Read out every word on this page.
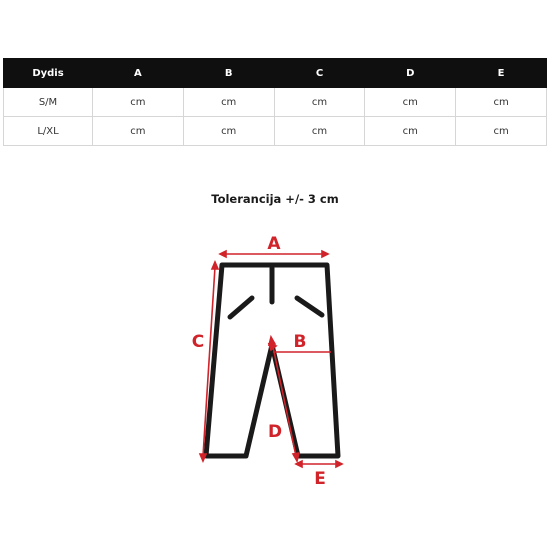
Dydis	A	B	C	D	E
S/M	cm	cm	cm	cm	cm
L/XL	cm	cm	cm	cm	cm
Tolerancija +/- 3 cm
A
B
C
D
E
